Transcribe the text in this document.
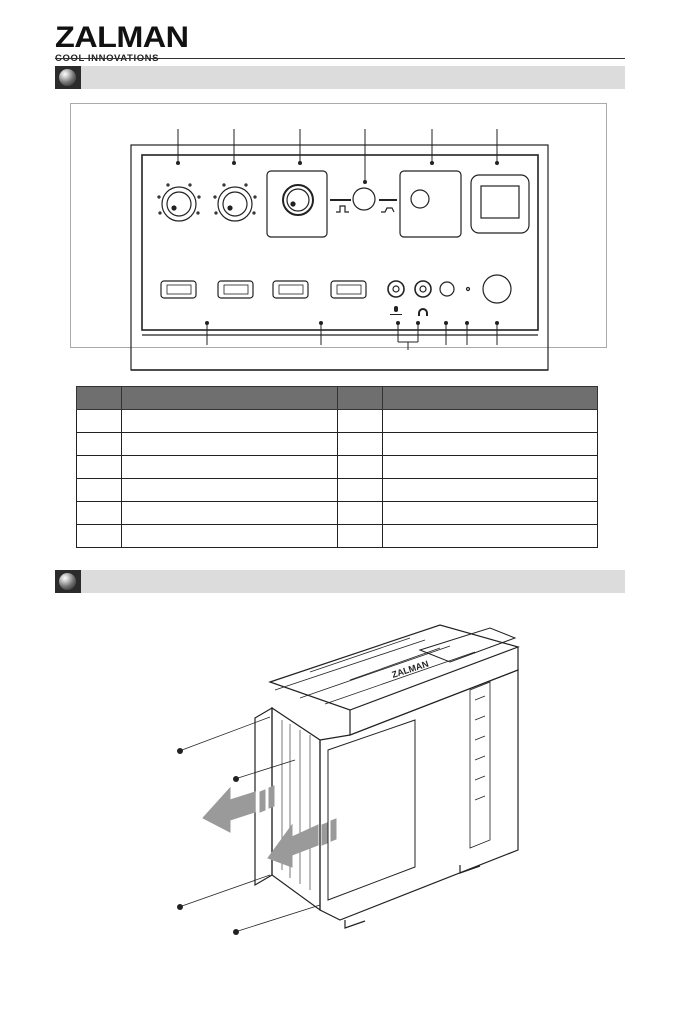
ZALMAN

ZALMAN
